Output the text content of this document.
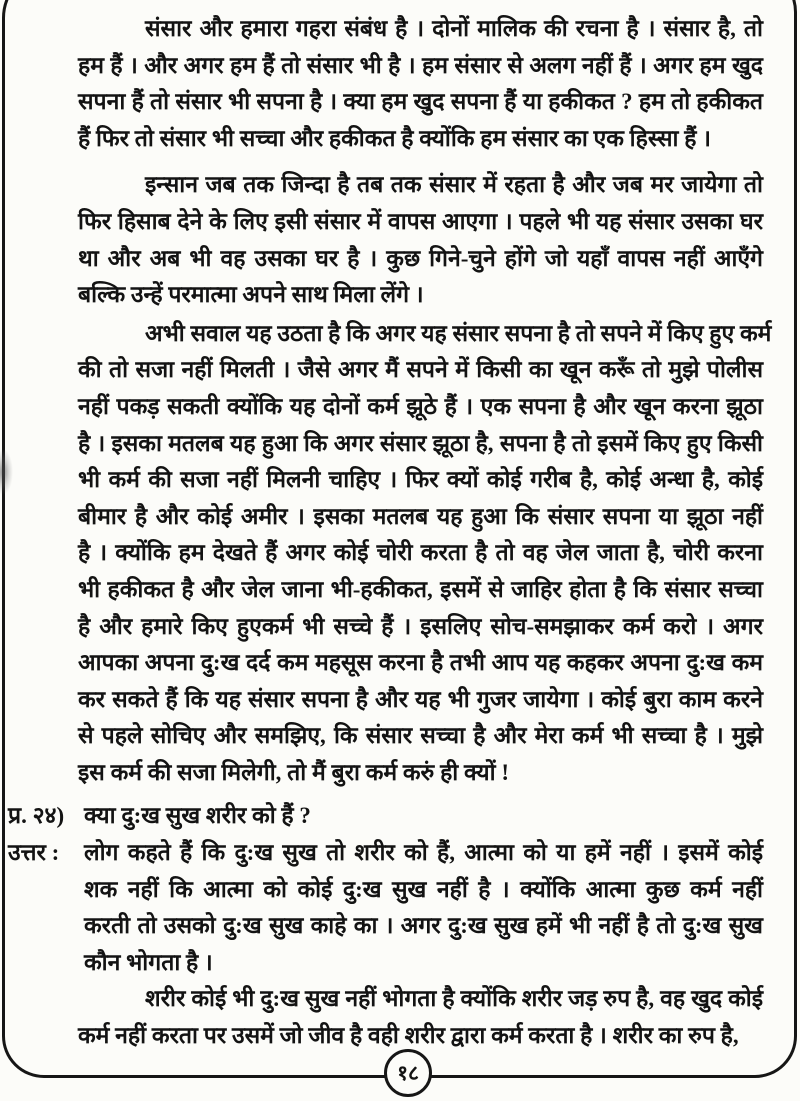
संसार और हमारा गहरा संबंध है । दोनों मालिक की रचना है । संसार है, तो
हम हैं । और अगर हम हैं तो संसार भी है । हम संसार से अलग नहीं हैं । अगर हम खुद
सपना हैं तो संसार भी सपना है । क्या हम खुद सपना हैं या हकीकत ? हम तो हकीकत
हैं फिर तो संसार भी सच्चा और हकीकत है क्योंकि हम संसार का एक हिस्सा हैं ।
इन्सान जब तक जिन्दा है तब तक संसार में रहता है और जब मर जायेगा तो
फिर हिसाब देने के लिए इसी संसार में वापस आएगा । पहले भी यह संसार उसका घर
था और अब भी वह उसका घर है । कुछ गिने-चुने होंगे जो यहाँ वापस नहीं आएँगे
बल्कि उन्हें परमात्मा अपने साथ मिला लेंगे ।
अभी सवाल यह उठता है कि अगर यह संसार सपना है तो सपने में किए हुए कर्म
की तो सजा नहीं मिलती । जैसे अगर मैं सपने में किसी का खून करूँ तो मुझे पोलीस
नहीं पकड़ सकती क्योंकि यह दोनों कर्म झूठे हैं । एक सपना है और खून करना झूठा
है । इसका मतलब यह हुआ कि अगर संसार झूठा है, सपना है तो इसमें किए हुए किसी
भी कर्म की सजा नहीं मिलनी चाहिए । फिर क्यों कोई गरीब है, कोई अन्धा है, कोई
बीमार है और कोई अमीर । इसका मतलब यह हुआ कि संसार सपना या झूठा नहीं
है । क्योंकि हम देखते हैं अगर कोई चोरी करता है तो वह जेल जाता है, चोरी करना
भी हकीकत है और जेल जाना भी-हकीकत, इसमें से जाहिर होता है कि संसार सच्चा
है और हमारे किए हुएकर्म भी सच्चे हैं । इसलिए सोच-समझाकर कर्म करो । अगर
आपका अपना दु:ख दर्द कम महसूस करना है तभी आप यह कहकर अपना दु:ख कम
कर सकते हैं कि यह संसार सपना है और यह भी गुजर जायेगा । कोई बुरा काम करने
से पहले सोचिए और समझिए, कि संसार सच्चा है और मेरा कर्म भी सच्चा है । मुझे
इस कर्म की सजा मिलेगी, तो मैं बुरा कर्म करुं ही क्यों !
प्र. २४) क्या दु:ख सुख शरीर को हैं ?
उत्तर :	लोग कहते हैं कि दु:ख सुख तो शरीर को हैं, आत्मा को या हमें नहीं । इसमें कोई
शक नहीं कि आत्मा को कोई दु:ख सुख नहीं है । क्योंकि आत्मा कुछ कर्म नहीं
करती तो उसको दु:ख सुख काहे का । अगर दु:ख सुख हमें भी नहीं है तो दु:ख सुख
कौन भोगता है ।
शरीर कोई भी दु:ख सुख नहीं भोगता है क्योंकि शरीर जड़ रुप है, वह खुद कोई
कर्म नहीं करता पर उसमें जो जीव है वही शरीर द्वारा कर्म करता है । शरीर का रुप है,
१८
